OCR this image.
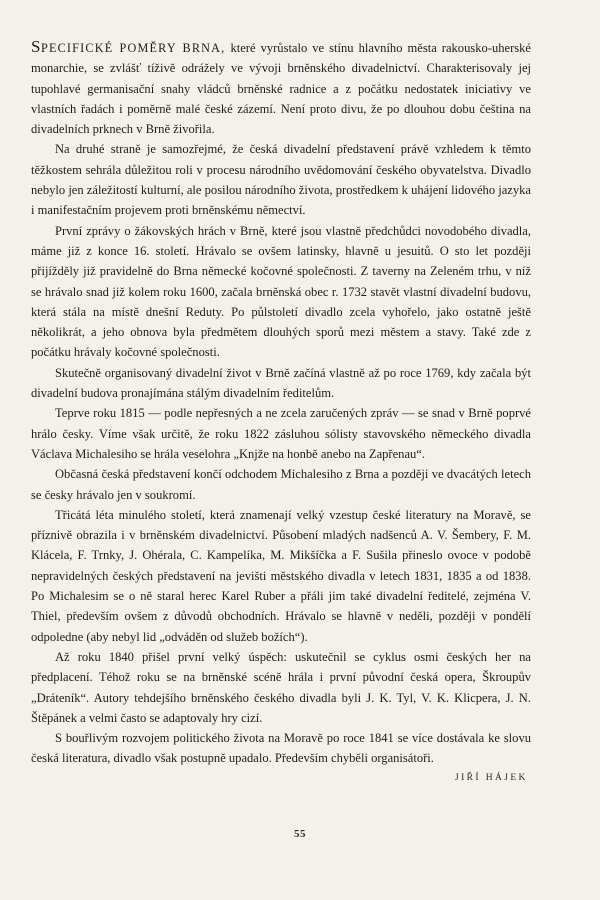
SPECIFICKÉ POMĚRY BRNA, které vyrůstalo ve stínu hlavního města rakousko-uherské monarchie, se zvlášť tíživě odrážely ve vývoji brněnského divadelnictví. Charakterisovaly jej tupohlavé germanisační snahy vládců brněnské radnice a z počátku nedostatek iniciativy ve vlastních řadách i poměrně malé české zázemí. Není proto divu, že po dlouhou dobu čeština na divadelních prknech v Brně živořila.

Na druhé straně je samozřejmé, že česká divadelní představení právě vzhledem k těmto těžkostem sehrála důležitou roli v procesu národního uvědomování českého obyvatelstva. Divadlo nebylo jen záležitostí kulturní, ale posilou národního života, prostředkem k uhájení lidového jazyka i manifestačním projevem proti brněnskému němectví.

První zprávy o žákovských hrách v Brně, které jsou vlastně předchůdci novodobého divadla, máme již z konce 16. století. Hrávalo se ovšem latinsky, hlavně u jesuitů. O sto let později přijížděly již pravidelně do Brna německé kočovné společnosti. Z taverny na Zeleném trhu, v níž se hrávalo snad již kolem roku 1600, začala brněnská obec r. 1732 stavět vlastní divadelní budovu, která stála na místě dnešní Reduty. Po půlstoletí divadlo zcela vyhořelo, jako ostatně ještě několikrát, a jeho obnova byla předmětem dlouhých sporů mezi městem a stavy. Také zde z počátku hrávaly kočovné společnosti.

Skutečně organisovaný divadelní život v Brně začíná vlastně až po roce 1769, kdy začala být divadelní budova pronajímána stálým divadelním ředitelům.

Teprve roku 1815 — podle nepřesných a ne zcela zaručených zpráv — se snad v Brně poprvé hrálo česky. Víme však určitě, že roku 1822 zásluhou sólisty stavovského německého divadla Václava Michalesiho se hrála veselohra „Knjže na honbě anebo na Zapřenau“.

Občasná česká představení končí odchodem Michalesiho z Brna a později ve dvacátých letech se česky hrávalo jen v soukromí.

Třicátá léta minulého století, která znamenají velký vzestup české literatury na Moravě, se příznivě obrazila i v brněnském divadelnictví. Působení mladých nadšenců A. V. Šembery, F. M. Klácela, F. Trnky, J. Ohérala, C. Kampelíka, M. Mikšíčka a F. Sušila přineslo ovoce v podobě nepravidelných českých představení na jevišti městského divadla v letech 1831, 1835 a od 1838. Po Michalesim se o ně staral herec Karel Ruber a přáli jim také divadelní ředitelé, zejména V. Thiel, především ovšem z důvodů obchodních. Hrávalo se hlavně v neděli, později v pondělí odpoledne (aby nebyl lid „odváděn od služeb božích“).

Až roku 1840 přišel první velký úspěch: uskutečnil se cyklus osmi českých her na předplacení. Téhož roku se na brněnské scéně hrála i první původní česká opera, Škroupův „Dráteník“. Autory tehdejšího brněnského českého divadla byli J. K. Tyl, V. K. Klicpera, J. N. Štěpánek a velmi často se adaptovaly hry cizí.

S bouřlivým rozvojem politického života na Moravě po roce 1841 se více dostávala ke slovu česká literatura, divadlo však postupně upadalo. Především chyběli organisátoři.

JIŘÍ HÁJEK
55
